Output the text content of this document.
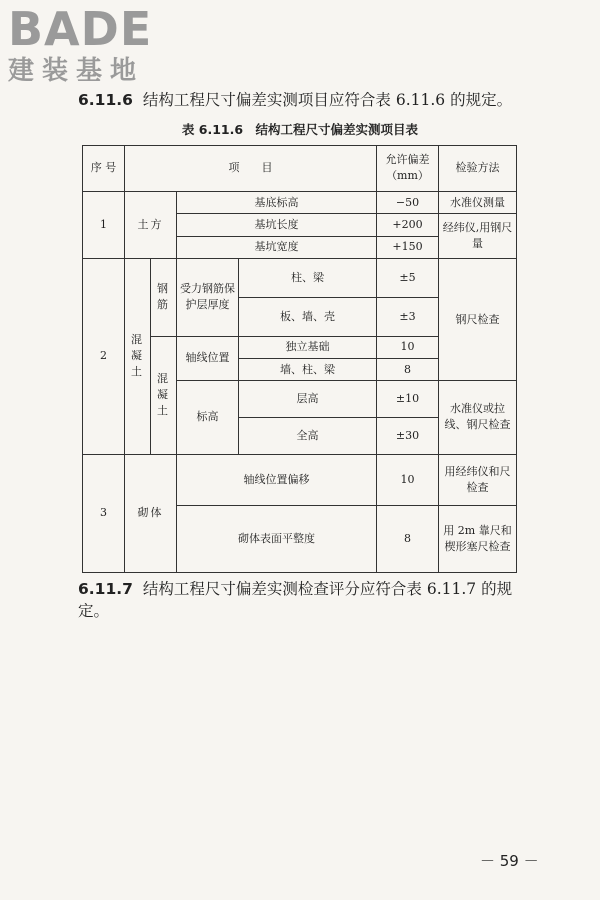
BADE
建装基地
6.11.6 结构工程尺寸偏差实测项目应符合表 6.11.6 的规定。
表 6.11.6　结构工程尺寸偏差实测项目表
序 号	项　　目				允许偏差（mm）	检验方法
1	土方		基底标高		−50	水准仪测量
			基坑长度		+200	经纬仪,用钢尺量
			基坑宽度		+150	
2	混凝土	钢筋	受力钢筋保护层厚度	柱、梁	±5	钢尺检查
				板、墙、壳	±3	
		混凝土	轴线位置	独立基础	10	
				墙、柱、梁	8	
			标高	层高	±10	水准仪或拉线、钢尺检查
				全高	±30	
3	砌体		轴线位置偏移		10	用经纬仪和尺检查
			砌体表面平整度		8	用 2m 靠尺和楔形塞尺检查
6.11.7 结构工程尺寸偏差实测检查评分应符合表 6.11.7 的规定。
－ 59 －
